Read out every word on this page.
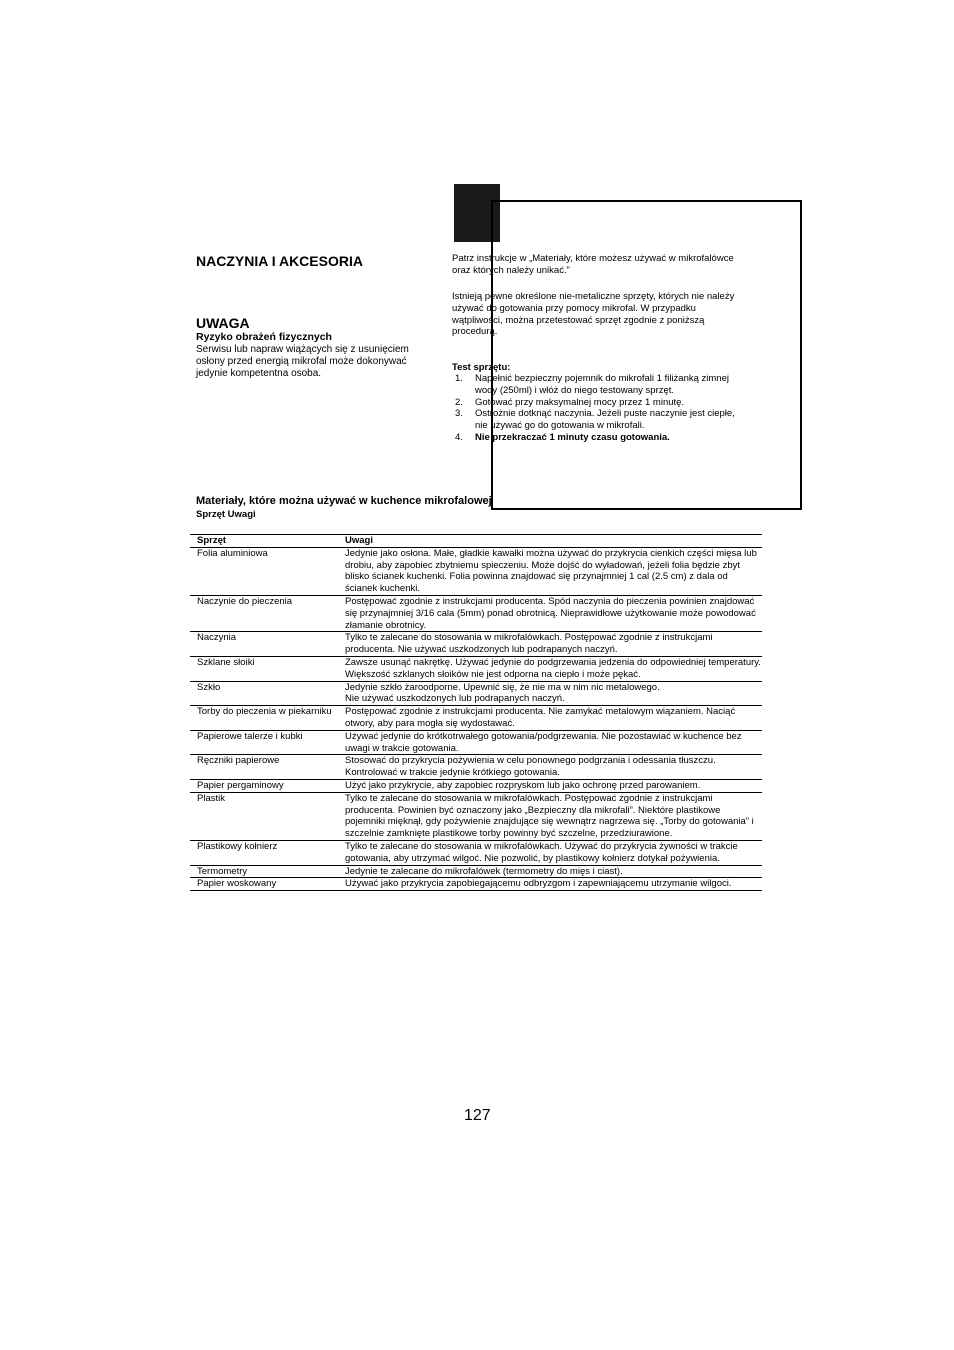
NACZYNIA I AKCESORIA
UWAGA

Ryzyko obrażeń fizycznych

Serwisu lub napraw wiążących się z usunięciem osłony przed energią mikrofal może dokonywać jedynie kompetentna osoba.

Patrz instrukcje w „Materiały, które możesz używać w mikrofalówce oraz których należy unikać.”

Istnieją pewne określone nie-metaliczne sprzęty, których nie należy używać do gotowania przy pomocy mikrofal. W przypadku wątpliwości, można przetestować sprzęt zgodnie z poniższą procedurą.

Test sprzętu:

1.	Napełnić bezpieczny pojemnik do mikrofali 1 filiżanką zimnej wody (250ml) i włóż do niego testowany sprzęt.
2.	Gotować przy maksymalnej mocy przez 1 minutę.
3.	Ostrożnie dotknąć naczynia. Jeżeli puste naczynie jest ciepłe, nie używać go do gotowania w mikrofali.
4.	Nie przekraczać 1 minuty czasu gotowania.

Materiały, które można używać w kuchence mikrofalowej

Sprzęt Uwagi

Sprzęt	Uwagi
Folia aluminiowa	Jedynie jako osłona. Małe, gładkie kawałki można używać do przykrycia cienkich części mięsa lub drobiu, aby zapobiec zbytniemu spieczeniu. Może dojść do wyładowań, jeżeli folia będzie zbyt blisko ścianek kuchenki. Folia powinna znajdować się przynajmniej 1 cal (2.5 cm) z dala od ścianek kuchenki.
Naczynie do pieczenia	Postępować zgodnie z instrukcjami producenta. Spód naczynia do pieczenia powinien znajdować się przynajmniej 3/16 cala (5mm) ponad obrotnicą. Nieprawidłowe użytkowanie może powodować złamanie obrotnicy.
Naczynia	Tylko te zalecane do stosowania w mikrofalówkach. Postępować zgodnie z instrukcjami producenta. Nie używać uszkodzonych lub podrapanych naczyń.
Szklane słoiki	Zawsze usunąć nakrętkę. Używać jedynie do podgrzewania jedzenia do odpowiedniej temperatury. Większość szklanych słoików nie jest odporna na ciepło i może pękać.
Szkło	Jedynie szkło żaroodporne. Upewnić się, że nie ma w nim nic metalowego.
Nie używać uszkodzonych lub podrapanych naczyń.
Torby do pieczenia w piekarniku	Postępować zgodnie z instrukcjami producenta. Nie zamykać metalowym wiązaniem. Naciąć otwory, aby para mogła się wydostawać.
Papierowe talerze i kubki	Używać jedynie do krótkotrwałego gotowania/podgrzewania. Nie pozostawiać w kuchence bez uwagi w trakcie gotowania.
Ręczniki papierowe	Stosować do przykrycia pożywienia w celu ponownego podgrzania i odessania tłuszczu. Kontrolować w trakcie jedynie krótkiego gotowania.
Papier pergaminowy	Użyć jako przykrycie, aby zapobiec rozpryskom lub jako ochronę przed parowaniem.
Plastik	Tylko te zalecane do stosowania w mikrofalówkach. Postępować zgodnie z instrukcjami producenta. Powinien być oznaczony jako „Bezpieczny dla mikrofali”. Niektóre plastikowe pojemniki mięknął, gdy pożywienie znajdujące się wewnątrz nagrzewa się. „Torby do gotowania” i szczelnie zamknięte plastikowe torby powinny być szczelne, przedziurawione.
Plastikowy kołnierz	Tylko te zalecane do stosowania w mikrofalówkach. Używać do przykrycia żywności w trakcie gotowania, aby utrzymać wilgoć. Nie pozwolić, by plastikowy kołnierz dotykał pożywienia.
Termometry	Jedynie te zalecane do mikrofalówek (termometry do mięs i ciast).
Papier woskowany	Używać jako przykrycia zapobiegającemu odbryzgom i zapewniającemu utrzymanie wilgoci.

127
